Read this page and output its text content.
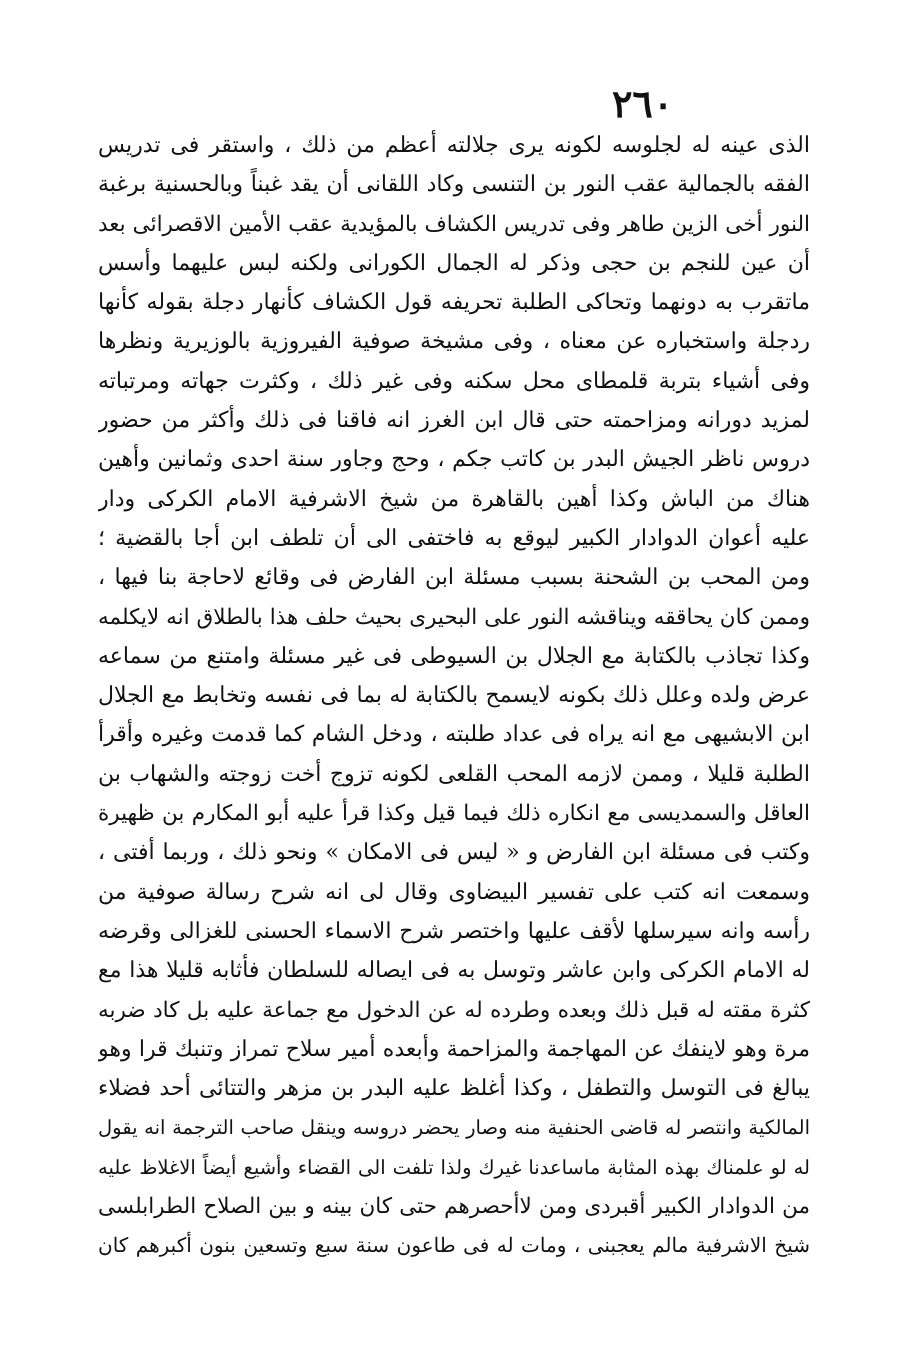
٢٦٠
الذى عينه له لجلوسه لكونه يرى جلالته أعظم من ذلك ، واستقر فى تدريس
الفقه بالجمالية عقب النور بن التنسى وكاد اللقانى أن يقد غبناً وبالحسنية برغبة
النور أخى الزين طاهر وفى تدريس الكشاف بالمؤيدية عقب الأمين الاقصرائى بعد
أن عين للنجم بن حجى وذكر له الجمال الكورانى ولكنه لبس عليهما وأسس
ماتقرب به دونهما وتحاكى الطلبة تحريفه قول الكشاف كأنهار دجلة بقوله كأنها
ردجلة واستخباره عن معناه ، وفى مشيخة صوفية الفيروزية بالوزيرية ونظرها
وفى أشياء بتربة قلمطاى محل سكنه وفى غير ذلك ، وكثرت جهاته ومرتباته
لمزيد دورانه ومزاحمته حتى قال ابن الغرز انه فاقنا فى ذلك وأكثر من حضور
دروس ناظر الجيش البدر بن كاتب جكم ، وحج وجاور سنة احدى وثمانين وأهين
هناك من الباش وكذا أهين بالقاهرة من شيخ الاشرفية الامام الكركى ودار
عليه أعوان الدوادار الكبير ليوقع به فاختفى الى أن تلطف ابن أجا بالقضية ؛
ومن المحب بن الشحنة بسبب مسئلة ابن الفارض فى وقائع لاحاجة بنا فيها ،
وممن كان يحاققه ويناقشه النور على البحيرى بحيث حلف هذا بالطلاق انه لايكلمه
وكذا تجاذب بالكتابة مع الجلال بن السيوطى فى غير مسئلة وامتنع من سماعه
عرض ولده وعلل ذلك بكونه لايسمح بالكتابة له بما فى نفسه وتخابط مع الجلال
ابن الابشيهى مع انه يراه فى عداد طلبته ، ودخل الشام كما قدمت وغيره وأقرأ
الطلبة قليلا ، وممن لازمه المحب القلعى لكونه تزوج أخت زوجته والشهاب بن
العاقل والسمديسى مع انكاره ذلك فيما قيل وكذا قرأ عليه أبو المكارم بن ظهيرة
وكتب فى مسئلة ابن الفارض و « ليس فى الامكان » ونحو ذلك ، وربما أفتى ،
وسمعت انه كتب على تفسير البيضاوى وقال لى انه شرح رسالة صوفية من
رأسه وانه سيرسلها لأقف عليها واختصر شرح الاسماء الحسنى للغزالى وقرضه
له الامام الكركى وابن عاشر وتوسل به فى ايصاله للسلطان فأثابه قليلا هذا مع
كثرة مقته له قبل ذلك وبعده وطرده له عن الدخول مع جماعة عليه بل كاد ضربه
مرة وهو لاينفك عن المهاجمة والمزاحمة وأبعده أمير سلاح تمراز وتنبك قرا وهو
يبالغ فى التوسل والتطفل ، وكذا أغلظ عليه البدر بن مزهر والتتائى أحد فضلاء
المالكية وانتصر له قاضى الحنفية منه وصار يحضر دروسه وينقل صاحب الترجمة انه يقول
له لو علمناك بهذه المثابة ماساعدنا غيرك ولذا تلفت الى القضاء وأشيع أيضاً الاغلاظ عليه
من الدوادار الكبير أقبردى ومن لاأحصرهم حتى كان بينه و بين الصلاح الطرابلسى
شيخ الاشرفية مالم يعجبنى ، ومات له فى طاعون سنة سبع وتسعين بنون أكبرهم كان
